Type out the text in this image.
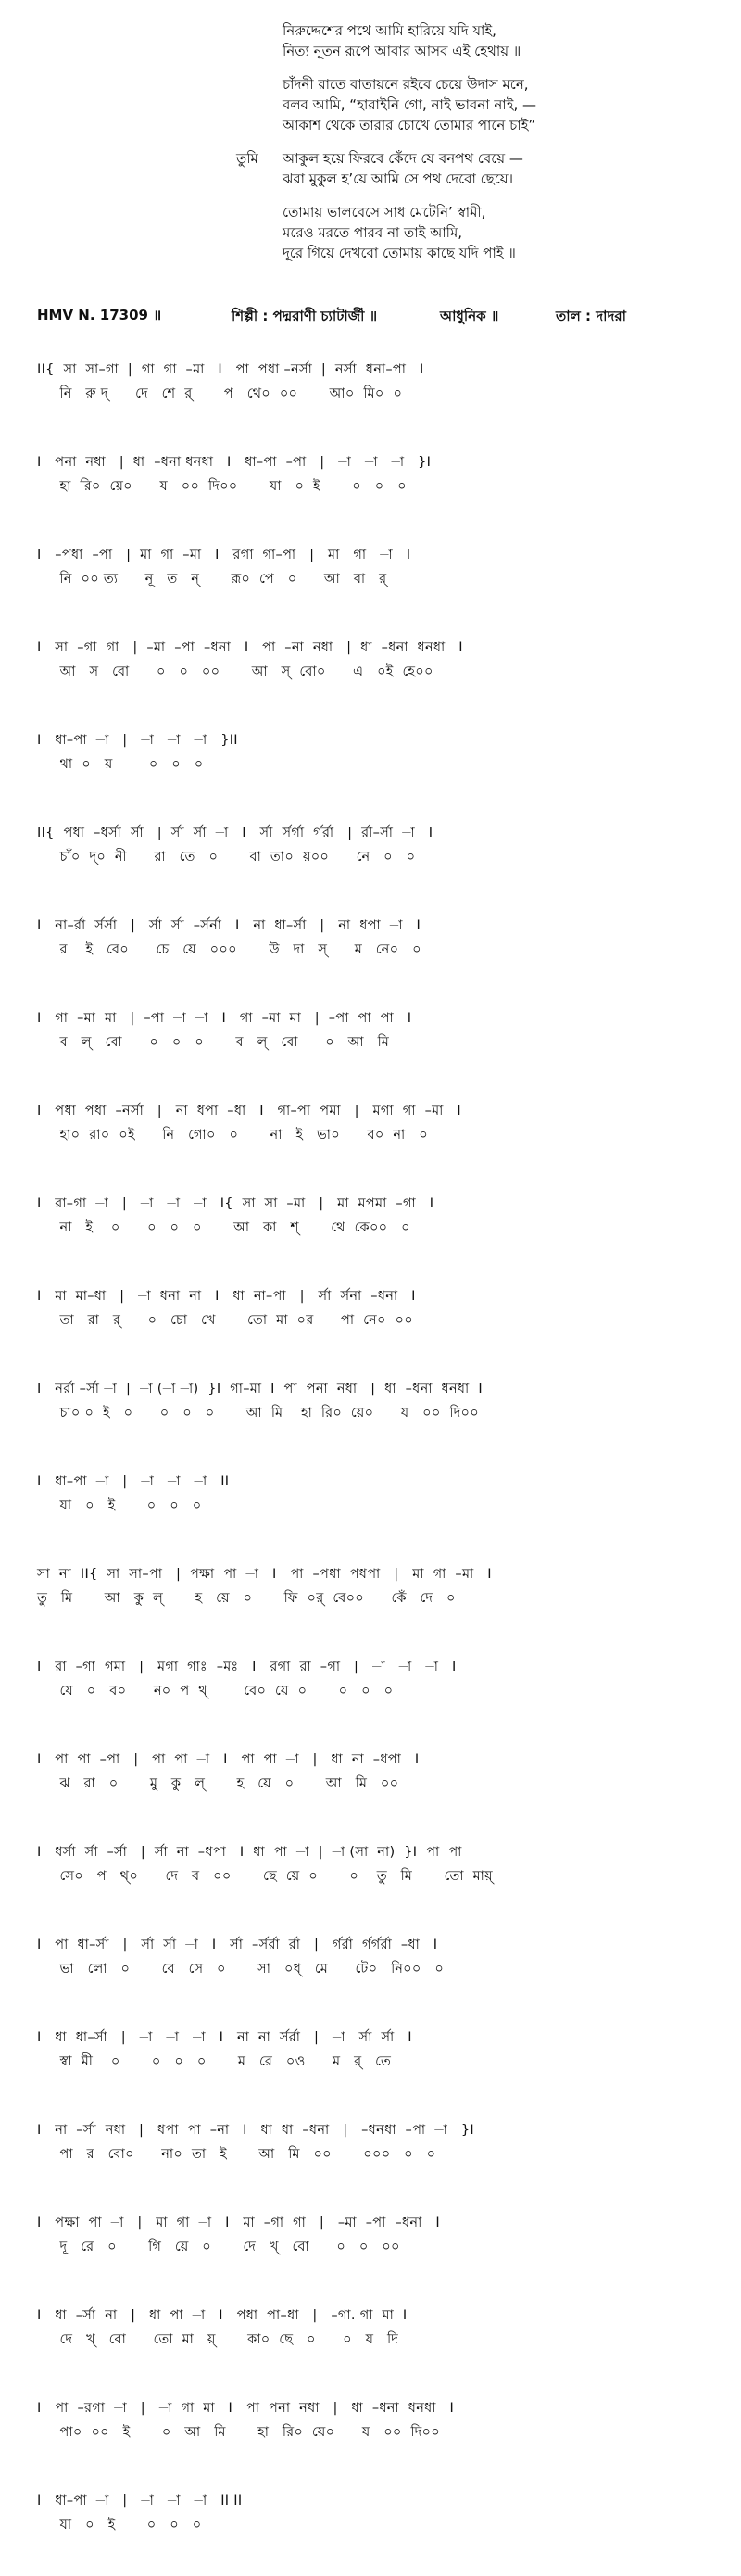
নিরুদ্দেশের পথে আমি হারিয়ে যদি যাই,
নিত্য নূতন রূপে আবার আসব এই হেথায় ॥
চাঁদনী রাতে বাতায়নে রইবে চেয়ে উদাস মনে,
বলব আমি, “হারাইনি গো, নাই ভাবনা নাই, —
আকাশ থেকে তারার চোখে তোমার পানে চাই”
তুমি আকুল হয়ে ফিরবে কেঁদে যে বনপথ বেয়ে —
ঝরা মুকুল হ’য়ে আমি সে পথ দেবো ছেয়ে।
তোমায় ভালবেসে সাধ মেটেনি’ স্বামী,
মরেও মরতে পারব না তাই আমি,
দূরে গিয়ে দেখবো তোমায় কাছে যদি পাই ॥
HMV N. 17309 ॥	শিল্পী : পদ্মরাণী চ্যাটার্জী ॥	আধুনিক ॥	তাল : দাদরা
II{  সা  সা–গা  |  গা  গা  –মা   I   পা  পধা –নর্সা  |  নর্সা  ধনা–পা   I
নি   রু দ্      দে   শে  র্       প   থে০  ০০       আ০  মি০  ০
I   পনা  নধা   |  ধা  –ধনা ধনধা   I   ধা–পা  –পা   |   –া   –া   –া   }I
হা  রি০  য়ে০      য   ০০  দি০০       যা   ০  ই       ০   ০   ০
I   –পধা  –পা   |  মা  গা  –মা   I   রগা  গা–পা   |   মা   গা   –া   I
নি  ০০ ত্য      নূ   ত   ন্       রূ০  পে   ০      আ   বা   র্
I   সা  –গা  গা   |  –মা  –পা  –ধনা   I   পা  –না  নধা   |  ধা  –ধনা  ধনধা   I
আ   স   বো      ০   ০   ০০       আ   স্  বো০      এ   ০ই  হে০০
I   ধা–পা  –া   |   –া   –া   –া   }II
থা  ০   য়        ০   ০   ০
II{  পধা  –ধর্সা  র্সা   |  র্সা  র্সা  –া   I   র্সা  র্সর্গা  র্গর্রা   |  র্রা–র্সা  –া   I
চাঁ০  দ্‌০  নী      রা   তে   ০       বা  তা০  য়০০      নে   ০   ০
I   না–র্রা  র্সর্সা   |   র্সা  র্সা  –র্সর্না   I   না  ধা–র্সা   |   না  ধপা  –া   I
র    ই   বে০      চে   য়ে   ০০০       উ   দা   স্      ম   নে০   ০
I   গা  –মা  মা   |  –পা  –া  –া   I   গা  –মা  মা   |  –পা  পা  পা   I
ব   ল্   বো      ০   ০   ০       ব   ল্   বো      ০   আ   মি
I   পধা  পধা  –নর্সা   |   না  ধপা  –ধা   I   গা–পা  পমা   |   মগা  গা  –মা   I
হা০  রা০  ০ই      নি   গো০   ০       না   ই   ভা০      ব০  না   ০
I   রা–গা  –া   |   –া   –া   –া   I{  সা  সা  –মা   |   মা  মপমা  –গা   I
না   ই    ০      ০   ০   ০       আ   কা   শ্       থে  কে০০   ০
I   মা  মা–ধা   |   –া  ধনা  না   I   ধা  না–পা   |   র্সা  র্সনা  –ধনা   I
তা   রা   র্      ০   চো   খে       তো  মা  ০র      পা  নে০  ০০
I   নর্রা –র্সা –া  |  –া (–া –া)  }I  গা–মা  I  পা  পনা  নধা   |  ধা  –ধনা  ধনধা  I
চা০ ০  ই   ০      ০   ০   ০       আ  মি    হা  রি০  য়ে০      য   ০০  দি০০
I   ধা–পা  –া   |   –া   –া   –া   II
যা   ০   ই       ০   ০   ০
সা  না  II{  সা  সা–পা   |  পক্ষা  পা  –া   I   পা  –পধা  পধপা   |   মা  গা  –মা   I
তু   মি       আ   কু  ল্       হ   য়ে   ০       ফি  ০র্  বে০০      কেঁ   দে   ০
I   রা  –গা  গমা   |   মগা  গাঃ  –মঃ   I   রগা  রা  –গা   |   –া   –া   –া   I
যে   ০   ব০      ন০  প  থ্        বে০  য়ে  ০       ০   ০   ০
I   পা  পা  –পা   |   পা  পা  –া   I   পা  পা  –া   |   ধা  না  –ধপা   I
ঝ   রা   ০       মু   কু   ল্       হ   য়ে   ০       আ   মি   ০০
I   ধর্সা  র্সা  –র্সা   |  র্সা  না  –ধপা   I  ধা  পা  –া  |  –া (সা  না)  }I  পা  পা
সে০   প   থ্০      দে   ব   ০০       ছে  য়ে  ০       ০    তু   মি       তো  মায়্
I   পা  ধা–র্সা   |   র্সা  র্সা  –া   I   র্সা  –র্সর্রা  র্রা   |   র্গর্রা  র্গর্গর্রা  –ধা   I
ভা   লো   ০       বে   সে   ০       সা   ০ধ্   মে      টে০   নি০০   ০
I   ধা  ধা–র্সা   |   –া   –া   –া   I   না  না  র্সর্রা   |   –া   র্সা  র্সা   I
স্বা  মী    ০       ০   ০   ০       ম   রে   ০ও      ম   র্   তে
I   না  –র্সা  নধা   |   ধপা  পা  –না   I   ধা  ধা  –ধনা   |   –ধনধা  –পা  –া   }I
পা   র   বো০      না০  তা   ই       আ   মি   ০০       ০০০   ০   ০
I   পক্ষা  পা  –া   |   মা  গা  –া   I   মা  –গা  গা   |   –মা  –পা  –ধনা   I
দূ   রে   ০       গি   য়ে   ০       দে   খ্   বো      ০   ০   ০০
I   ধা  –র্সা  না   |   ধা  পা  –া   I   পধা  পা–ধা   |   –গা. গা  মা  I
দে   খ্   বো      তো  মা   য়্       কা০  ছে   ০      ০   য   দি
I   পা  –রগা  –া   |   –া  গা  মা   I   পা  পনা  নধা   |   ধা  –ধনা  ধনধা   I
পা০  ০০   ই       ০   আ   মি       হা   রি০  য়ে০      য   ০০  দি০০
I   ধা–পা  –া   |   –া   –া   –া   II II
যা   ০   ই       ০   ০   ০
